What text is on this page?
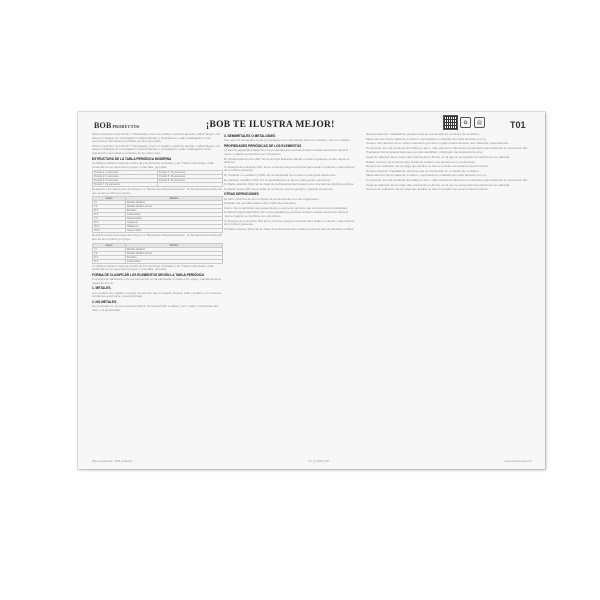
BOBPRODUCTOS	¡BOB TE ILUSTRA MEJOR!	♻	▤	T01

Tanto el químico ruso Dmitri I. Mendeléiev, como el médico y químico alemán, Lothar Meyer, con base en trabajos de investigación independientes y simultáneos, están catalogados como precursores del sistema periódico de los elementos.

Tanto el químico ruso Dmitri I. Mendeléiev, como el médico y químico alemán, Lothar Meyer, con base en trabajos de investigación independientes y simultáneos, están catalogados como precursores del sistema periódico de los elementos.

ESTRUCTURA DE LA TABLA PERIÓDICA MODERNA

La tabla periódica moderna consta de 18 columnas verticales y de 7 filas horizontales. A las columnas se les denomina grupos y a las filas, períodos.

Periodo 1: 2 elementos	Periodo 4: 18 elementos
Periodo 2: 8 elementos	Periodo 5: 18 elementos
Periodo 3: 8 elementos	Periodo 6: 32 elementos
Periodo 7: 32 elementos	

Respecto a los elementos del Grupo A o "Elementos Representativos", es fundamental mencionar que se les nombra por grupo.

Grupo	Nombre
I A	Metales alcalinos
II A	Metales alcalino-térreos
III A	Boroides
IV A	Carbonoides
V A	Nitrogenoides
VI A	Anfígenos
VII A	Halógenos
VIII A	Gases nobles

Respecto a los elementos del Grupo A o "Elementos Representativos", es fundamental mencionar que se les nombra por grupo.

Grupo	Nombre
I A	Metales alcalinos
II A	Metales alcalino-térreos
III A	Boroides
IV A	Carbonoides

La tabla periódica moderna consta de 18 columnas verticales y de 7 filas horizontales. A las columnas se les denomina grupos y a las filas, períodos.

FORMA DE CLASIFICAR LOS ELEMENTOS SEGÚN LA TABLA PERIÓDICA

Una primera clasificación de los elementos se ha efectuado en base a su origen, quedando de la siguiente forma:

1. METALES

Los metales son sólidos, excepto el mercurio que es líquido. Poseen brillo metálico y son buenos conductores del calor y la electricidad.

2. NO METALES

Se presentan en los tres estados físicos. No tienen brillo metálico y son malos conductores del calor y la electricidad.

3. SEMIMETALES O METALOIDES

Son seis los elementos cuyas propiedades son intermedias entre los metales y los no metales.

PROPIEDADES PERIÓDICAS DE LOS ELEMENTOS

A) Electronegatividad (EN): Es una propiedad que permite al átomo atraer electrones hacia sí mismo cuando se combina con otro átomo.

B) Afinidad electrónica (AE): Es la energía liberada cuando un átomo gaseoso neutro capta un electrón.

C) Energía de ionización (EI): Es la mínima energía requerida para quitar un electrón más externo de un átomo gaseoso.

D) Carácter no metálico (CNM): Es la capacidad de un átomo para ganar electrones.

E) Carácter metálico (CM): Es la capacidad de un átomo para perder electrones.

F) Radio atómico (RA): Es la mitad de la distancia internuclear entre dos átomos idénticos unidos.

G) Radio iónico (RI): Es el radio de un átomo que ha ganado o perdido electrones.

OTRAS DEFINICIONES

Nombre: Muchos de los nombres de los elementos son de origen latino.

Símbolo: Es una abreviatura del nombre del elemento.

Átomo: Es la partícula más pequeña de un elemento químico que conserva sus propiedades.

A) Electronegatividad (EN): Es una propiedad que permite al átomo atraer electrones hacia sí mismo cuando se combina con otro átomo.

C) Energía de ionización (EI): Es la mínima energía requerida para quitar un electrón más externo de un átomo gaseoso.

F) Radio atómico (RA): Es la mitad de la distancia internuclear entre dos átomos idénticos unidos.

Número atómico: Cantidad de protones que se encuentran en el núcleo de un átomo.

Masa atómica: Es la masa de un átomo, expresada en unidades de masa atómica (u.m.a.).

Isótopo: Son átomos de un mismo elemento que tienen igual número atómico pero diferente masa atómica.

Compuesto: Es una sustancia formada por dos o más elementos diferentes combinados químicamente en proporción fija.

Propiedad: Es la característica que permite identificar y distinguir una sustancia de otra.

Capa de Valencia: Es la capa más externa de un átomo, en la que se encuentran los electrones de valencia.

Enlace químico: Es la fuerza que mantiene unidos a los átomos en un compuesto.

Número de oxidación: Es la carga que tendría un átomo si todos sus enlaces fueran iónicos.

Número atómico: Cantidad de protones que se encuentran en el núcleo de un átomo.

Masa atómica: Es la masa de un átomo, expresada en unidades de masa atómica (u.m.a.).

Compuesto: Es una sustancia formada por dos o más elementos diferentes combinados químicamente en proporción fija.

Capa de Valencia: Es la capa más externa de un átomo, en la que se encuentran los electrones de valencia.

Número de oxidación: Es la carga que tendría un átomo si todos sus enlaces fueran iónicos.

Marca Registrada · BOB productos	Tel: (1) 2565 0700	www.bobproductos.com
